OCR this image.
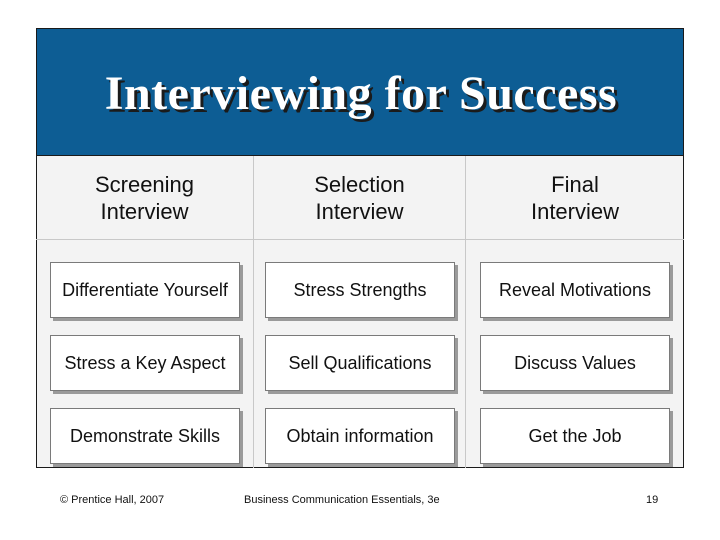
Interviewing for Success
Screening
Interview
Differentiate Yourself
Stress a Key Aspect
Demonstrate Skills
Selection
Interview
Stress Strengths
Sell Qualifications
Obtain information
Final
Interview
Reveal Motivations
Discuss Values
Get the Job
© Prentice Hall, 2007	Business Communication Essentials, 3e	19
